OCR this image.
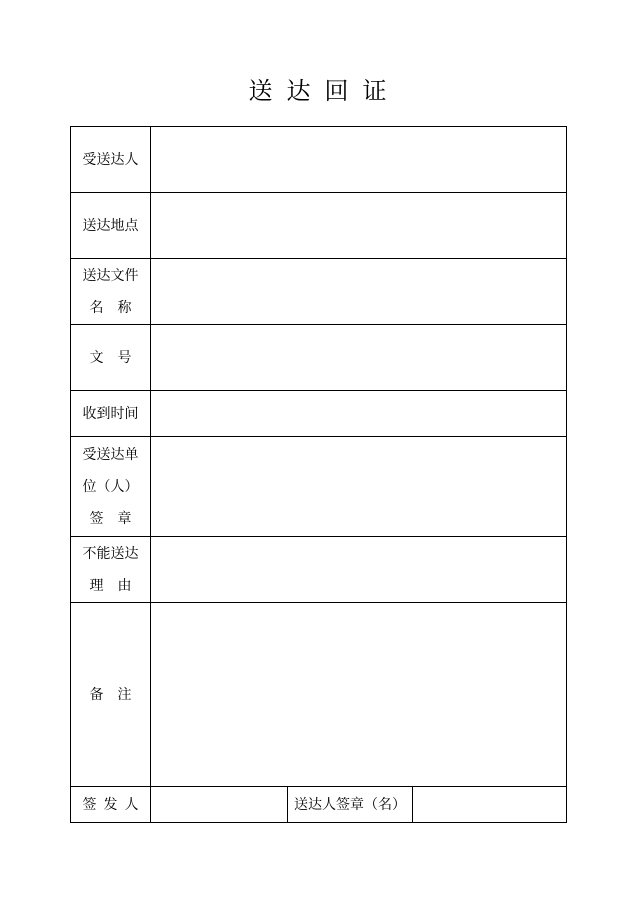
送达回证
受送达人			

送达地点			

送达文件
名　称			

文　号			

收到时间			

受送达单
位（人）
签　章			

不能送达
理　由			

备　注			

签发人		送达人签章（名）	
